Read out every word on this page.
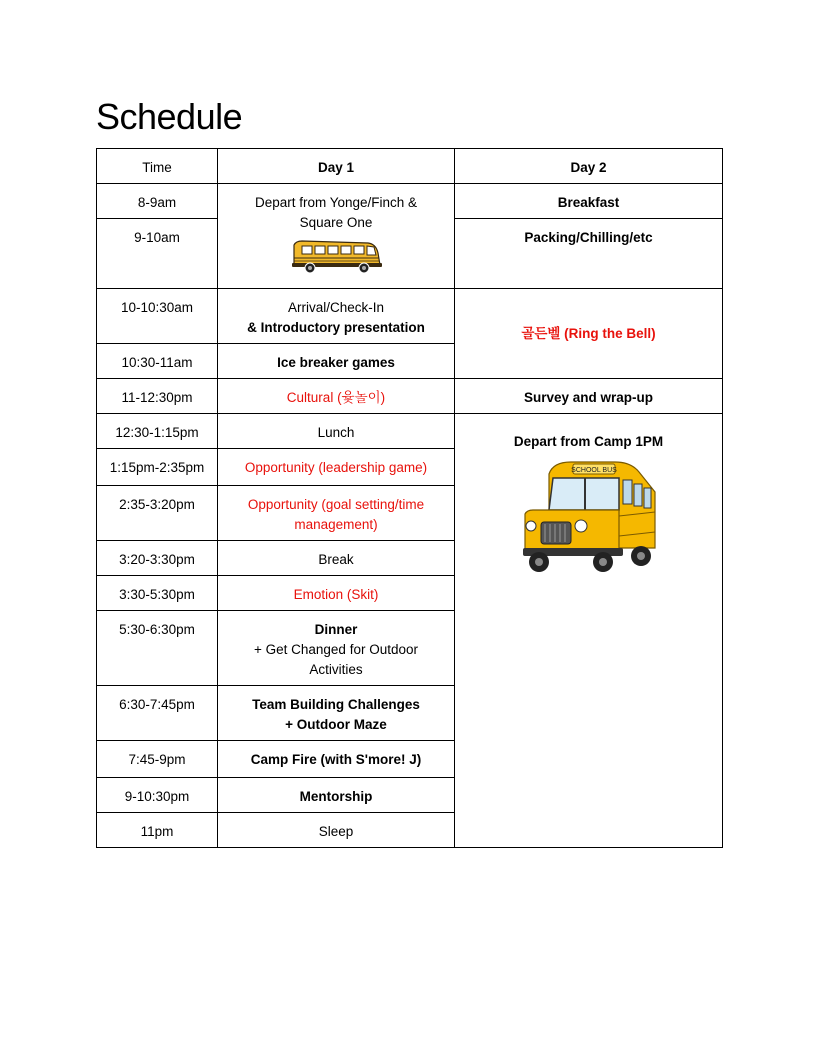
Schedule
Time	Day 1	Day 2
8-9am	Depart from Yonge/Finch & Square One	Breakfast
9-10am		Packing/Chilling/etc
10-10:30am	Arrival/Check-In
& Introductory presentation	골든벨 (Ring the Bell)
10:30-11am	Ice breaker games	
11-12:30pm	Cultural (윷놀이)	Survey and wrap-up
12:30-1:15pm	Lunch	Depart from Camp 1PM
SCHOOL BUS

1:15pm-2:35pm	Opportunity (leadership game)	
2:35-3:20pm	Opportunity (goal setting/time management)	
3:20-3:30pm	Break	
3:30-5:30pm	Emotion (Skit)	
5:30-6:30pm	Dinner
+ Get Changed for Outdoor Activities	

6:30-7:45pm	Team Building Challenges
+ Outdoor Maze	

7:45-9pm	Camp Fire (with S'more! J)	
9-10:30pm	Mentorship	
11pm	Sleep	
